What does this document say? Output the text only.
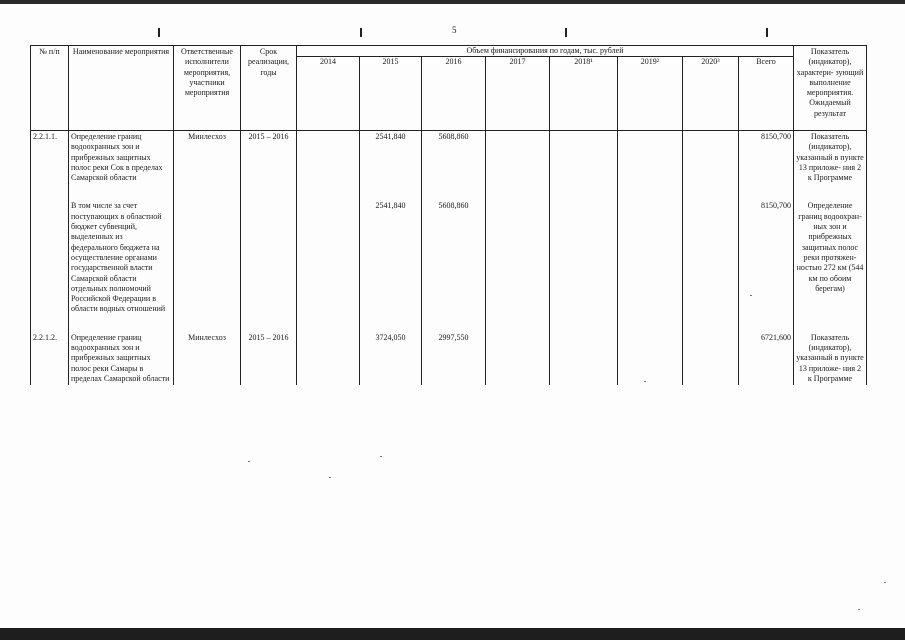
5
№ п/п	Наименование мероприятия	Ответственные исполнители мероприятия, участники мероприятия	Срок реализации, годы	Объем финансирования по годам, тыс. рублей								Показатель (индикатор), характери- зующий выполнение мероприятия. Ожидаемый результат
				2014	2015	2016	2017	2018¹	2019²	2020³	Всего	
2.2.1.1.	Определение границ водоохранных зон и прибрежных защитных полос реки Сок в пределах Самарской области	Минлесхоз	2015 – 2016		2541,840	5608,860					8150,700	Показатель (индикатор), указанный в пункте 13 приложе- ния 2 к Программе

	В том числе за счет поступающих в областной бюджет субвенций, выделенных из федерального бюджета на осуществление органами государственной власти Самарской области отдельных полномочий Российской Федерации в области водных отношений				2541,840	5608,860					8150,700	Определение границ водоохран- ных зон и прибрежных защитных полос реки протяжен- ностью 272 км (544 км по обоим берегам)

2.2.1.2.	Определение границ водоохранных зон и прибрежных защитных полос реки Самары в пределах Самарской области	Минлесхоз	2015 – 2016		3724,050	2997,550					6721,600	Показатель (индикатор), указанный в пункте 13 приложе- ния 2 к Программе
